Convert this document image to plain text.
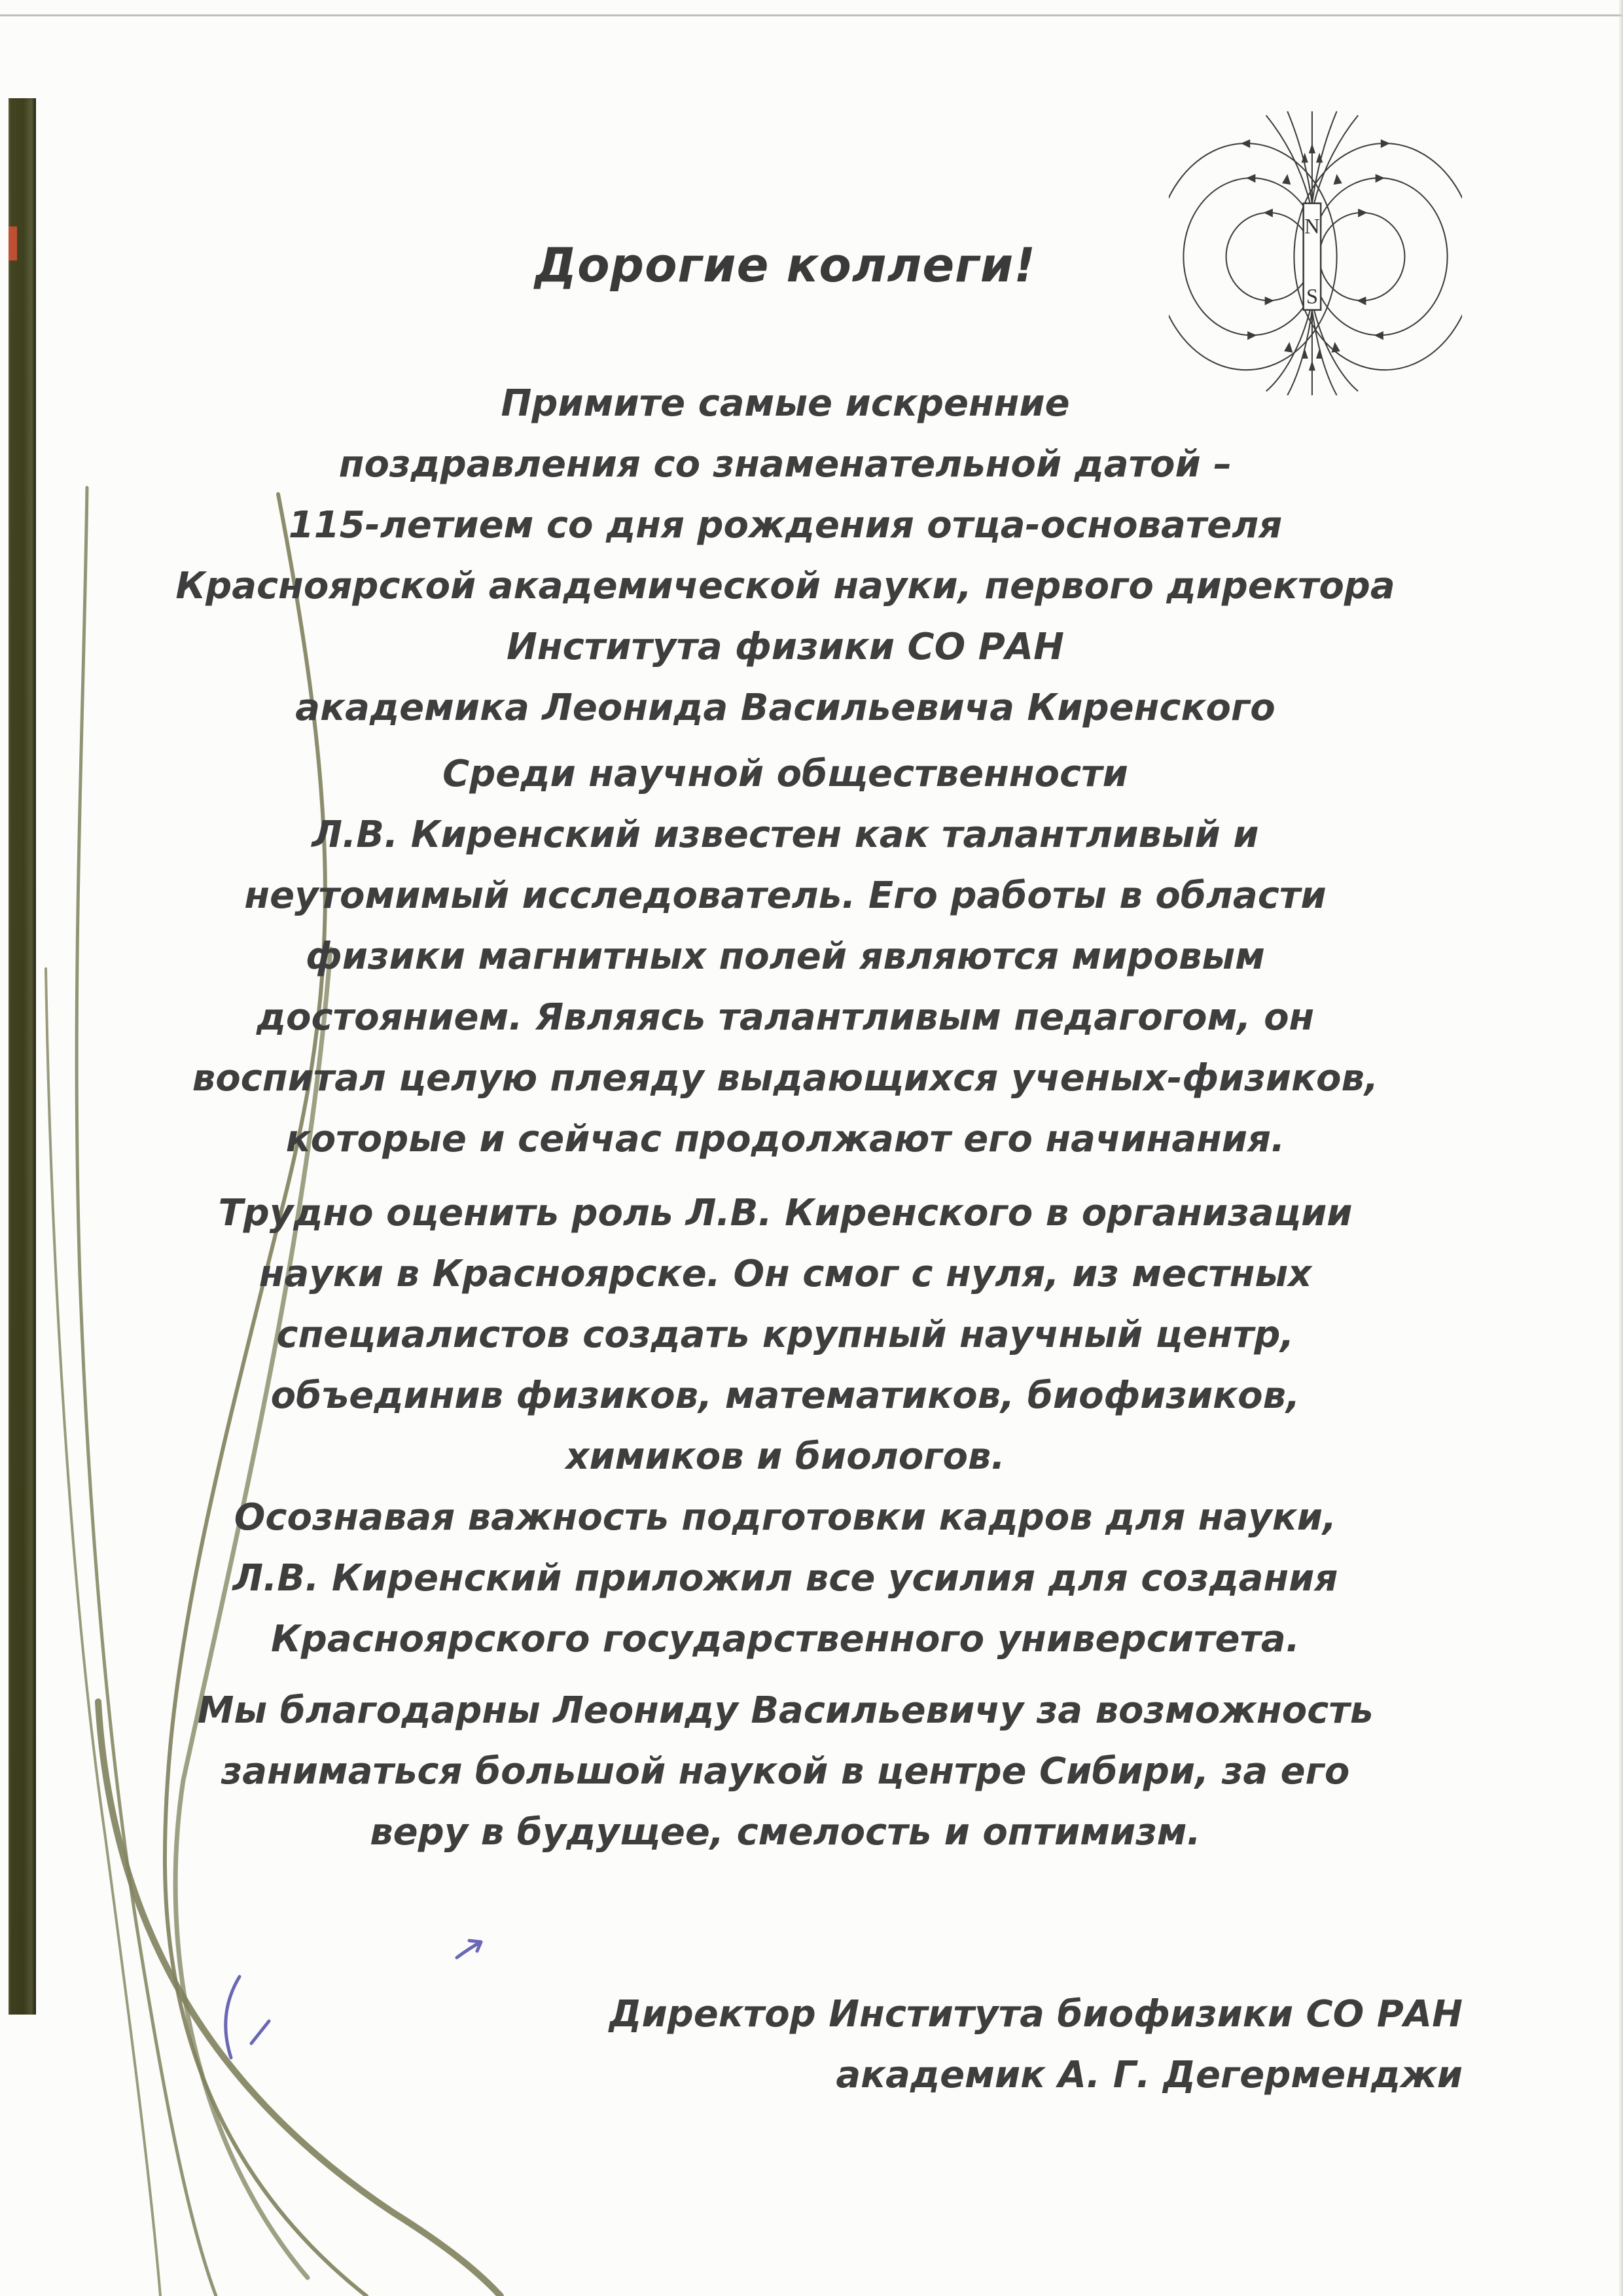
N
S
Дорогие коллеги!
Примите самые искренние
поздравления со знаменательной датой –
115-летием со дня рождения отца-основателя
Красноярской академической науки, первого директора
Института физики СО РАН
академика Леонида Васильевича Киренского
Среди научной общественности
Л.В. Киренский известен как талантливый и
неутомимый исследователь. Его работы в области
физики магнитных полей являются мировым
достоянием. Являясь талантливым педагогом, он
воспитал целую плеяду выдающихся ученых-физиков,
которые и сейчас продолжают его начинания.
Трудно оценить роль Л.В. Киренского в организации
науки в Красноярске. Он смог с нуля, из местных
специалистов создать крупный научный центр,
объединив физиков, математиков, биофизиков,
химиков и биологов.
Осознавая важность подготовки кадров для науки,
Л.В. Киренский приложил все усилия для создания
Красноярского государственного университета.
Мы благодарны Леониду Васильевичу за возможность
заниматься большой наукой в центре Сибири, за его
веру в будущее, смелость и оптимизм.
Директор Института биофизики СО РАН
академик А. Г. Дегерменджи
